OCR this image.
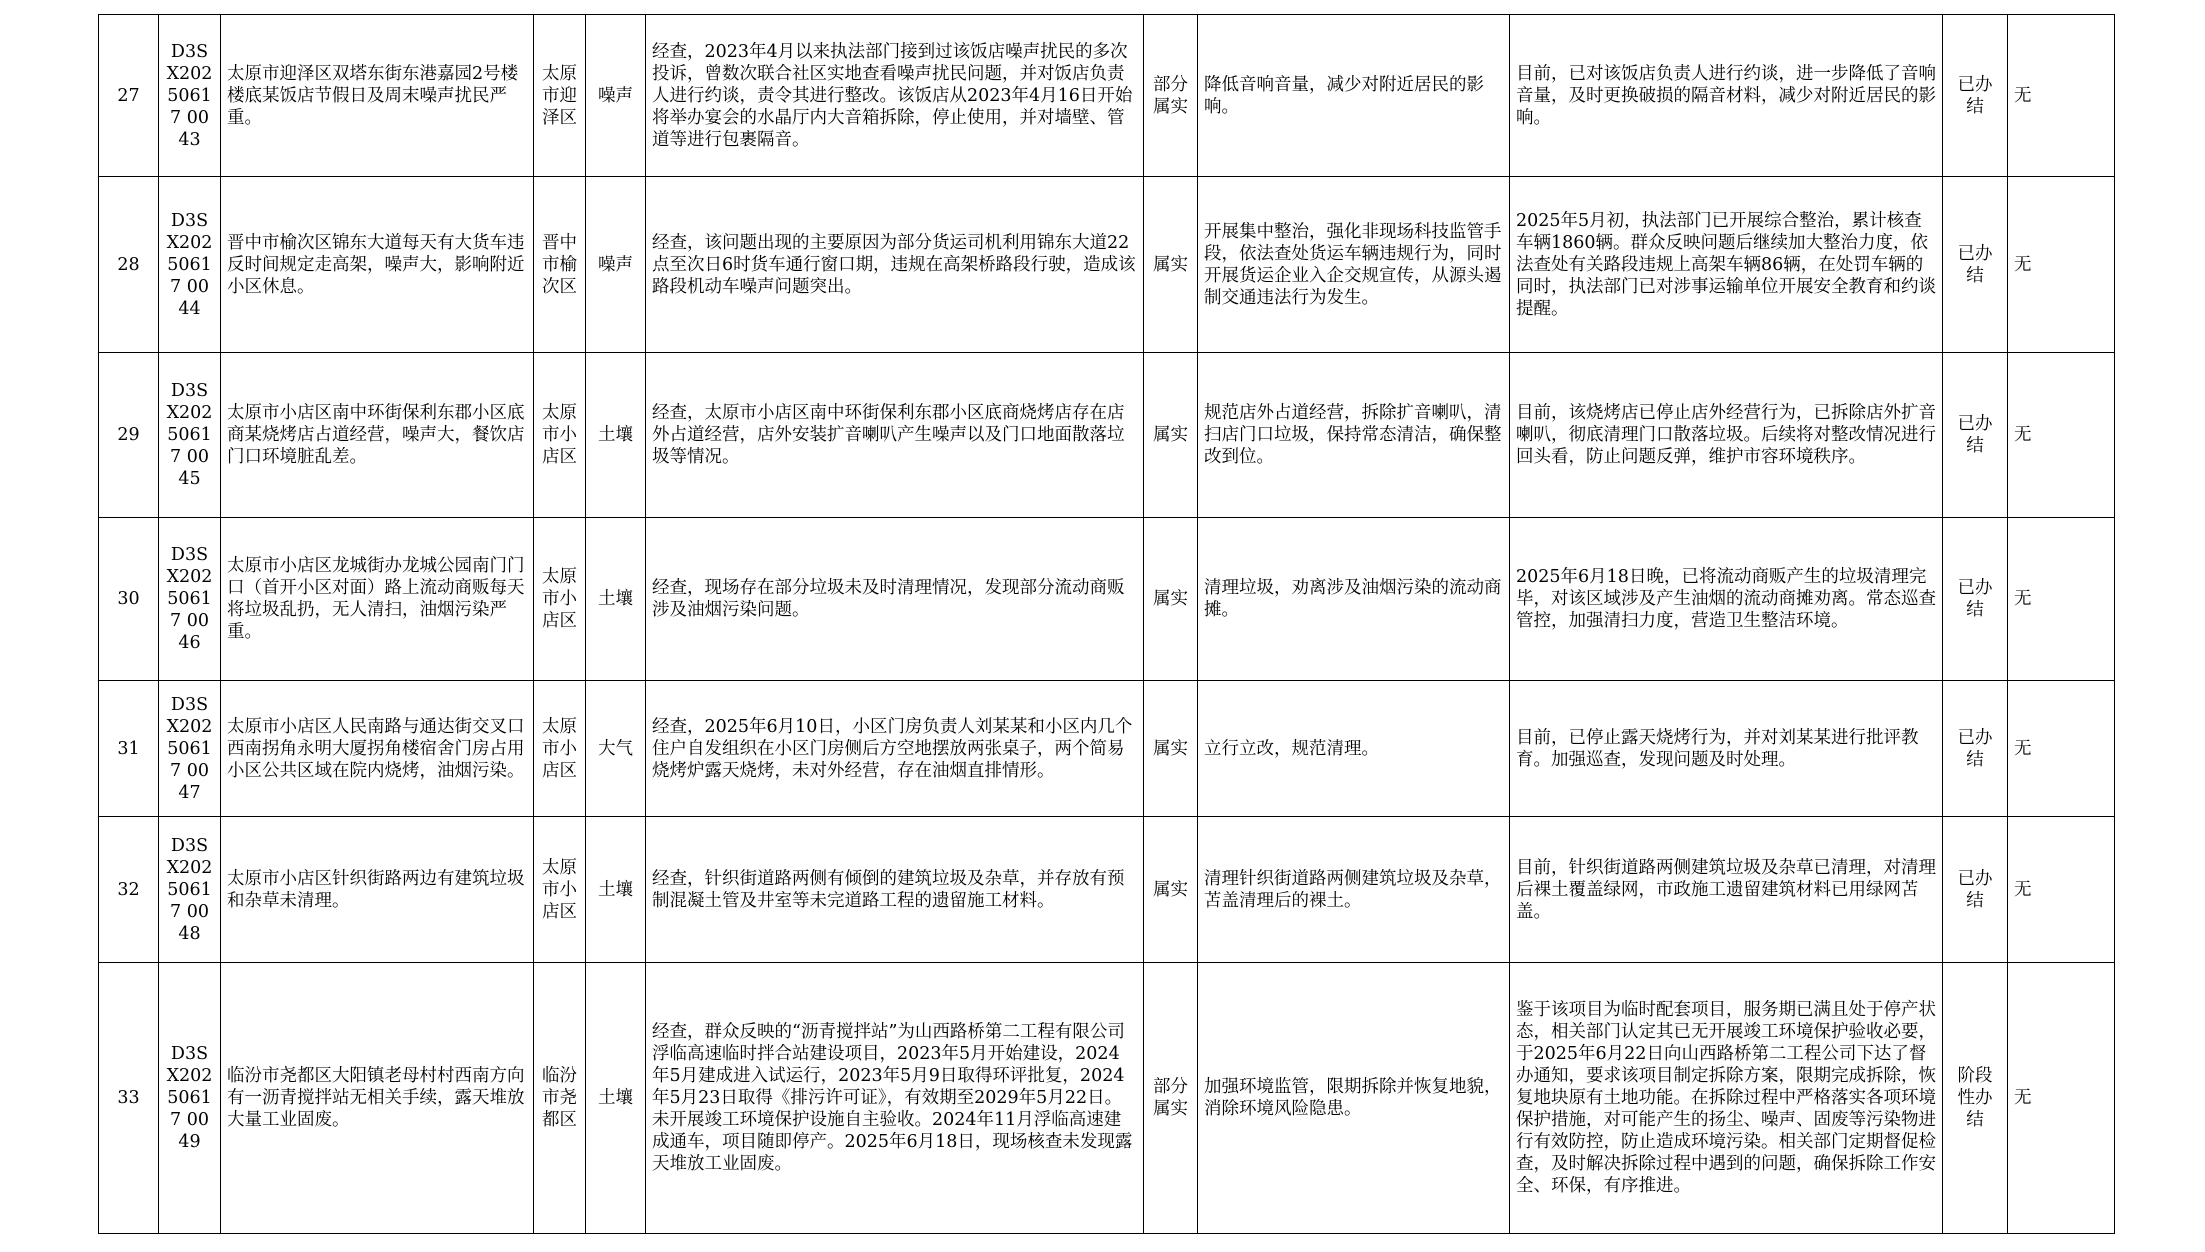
27	D3SX20250617 0043	太原市迎泽区双塔东街东港嘉园2号楼楼底某饭店节假日及周末噪声扰民严重。	太原市迎泽区	噪声	经查，2023年4月以来执法部门接到过该饭店噪声扰民的多次投诉，曾数次联合社区实地查看噪声扰民问题，并对饭店负责人进行约谈，责令其进行整改。该饭店从2023年4月16日开始将举办宴会的水晶厅内大音箱拆除，停止使用，并对墙壁、管道等进行包裹隔音。	部分属实	降低音响音量，减少对附近居民的影响。	目前，已对该饭店负责人进行约谈，进一步降低了音响音量，及时更换破损的隔音材料，减少对附近居民的影响。	已办结	无
28	D3SX20250617 0044	晋中市榆次区锦东大道每天有大货车违反时间规定走高架，噪声大，影响附近小区休息。	晋中市榆次区	噪声	经查，该问题出现的主要原因为部分货运司机利用锦东大道22点至次日6时货车通行窗口期，违规在高架桥路段行驶，造成该路段机动车噪声问题突出。	属实	开展集中整治，强化非现场科技监管手段，依法查处货运车辆违规行为，同时开展货运企业入企交规宣传，从源头遏制交通违法行为发生。	2025年5月初，执法部门已开展综合整治，累计核查车辆1860辆。群众反映问题后继续加大整治力度，依法查处有关路段违规上高架车辆86辆，在处罚车辆的同时，执法部门已对涉事运输单位开展安全教育和约谈提醒。	已办结	无
29	D3SX20250617 0045	太原市小店区南中环街保利东郡小区底商某烧烤店占道经营，噪声大，餐饮店门口环境脏乱差。	太原市小店区	土壤	经查，太原市小店区南中环街保利东郡小区底商烧烤店存在店外占道经营，店外安装扩音喇叭产生噪声以及门口地面散落垃圾等情况。	属实	规范店外占道经营，拆除扩音喇叭，清扫店门口垃圾，保持常态清洁，确保整改到位。	目前，该烧烤店已停止店外经营行为，已拆除店外扩音喇叭，彻底清理门口散落垃圾。后续将对整改情况进行回头看，防止问题反弹，维护市容环境秩序。	已办结	无
30	D3SX20250617 0046	太原市小店区龙城街办龙城公园南门门口（首开小区对面）路上流动商贩每天将垃圾乱扔，无人清扫，油烟污染严重。	太原市小店区	土壤	经查，现场存在部分垃圾未及时清理情况，发现部分流动商贩涉及油烟污染问题。	属实	清理垃圾，劝离涉及油烟污染的流动商摊。	2025年6月18日晚，已将流动商贩产生的垃圾清理完毕，对该区域涉及产生油烟的流动商摊劝离。常态巡查管控，加强清扫力度，营造卫生整洁环境。	已办结	无
31	D3SX20250617 0047	太原市小店区人民南路与通达街交叉口西南拐角永明大厦拐角楼宿舍门房占用小区公共区域在院内烧烤，油烟污染。	太原市小店区	大气	经查，2025年6月10日，小区门房负责人刘某某和小区内几个住户自发组织在小区门房侧后方空地摆放两张桌子，两个简易烧烤炉露天烧烤，未对外经营，存在油烟直排情形。	属实	立行立改，规范清理。	目前，已停止露天烧烤行为，并对刘某某进行批评教育。加强巡查，发现问题及时处理。	已办结	无
32	D3SX20250617 0048	太原市小店区针织街路两边有建筑垃圾和杂草未清理。	太原市小店区	土壤	经查，针织街道路两侧有倾倒的建筑垃圾及杂草，并存放有预制混凝土管及井室等未完道路工程的遗留施工材料。	属实	清理针织街道路两侧建筑垃圾及杂草，苫盖清理后的裸土。	目前，针织街道路两侧建筑垃圾及杂草已清理，对清理后裸土覆盖绿网，市政施工遗留建筑材料已用绿网苫盖。	已办结	无
33	D3SX20250617 0049	临汾市尧都区大阳镇老母村村西南方向有一沥青搅拌站无相关手续，露天堆放大量工业固废。	临汾市尧都区	土壤	经查，群众反映的“沥青搅拌站”为山西路桥第二工程有限公司浮临高速临时拌合站建设项目，2023年5月开始建设，2024年5月建成进入试运行，2023年5月9日取得环评批复，2024年5月23日取得《排污许可证》，有效期至2029年5月22日。未开展竣工环境保护设施自主验收。2024年11月浮临高速建成通车，项目随即停产。2025年6月18日，现场核查未发现露天堆放工业固废。	部分属实	加强环境监管，限期拆除并恢复地貌，消除环境风险隐患。	鉴于该项目为临时配套项目，服务期已满且处于停产状态，相关部门认定其已无开展竣工环境保护验收必要，于2025年6月22日向山西路桥第二工程公司下达了督办通知，要求该项目制定拆除方案，限期完成拆除，恢复地块原有土地功能。在拆除过程中严格落实各项环境保护措施，对可能产生的扬尘、噪声、固废等污染物进行有效防控，防止造成环境污染。相关部门定期督促检查，及时解决拆除过程中遇到的问题，确保拆除工作安全、环保，有序推进。	阶段性办结	无
